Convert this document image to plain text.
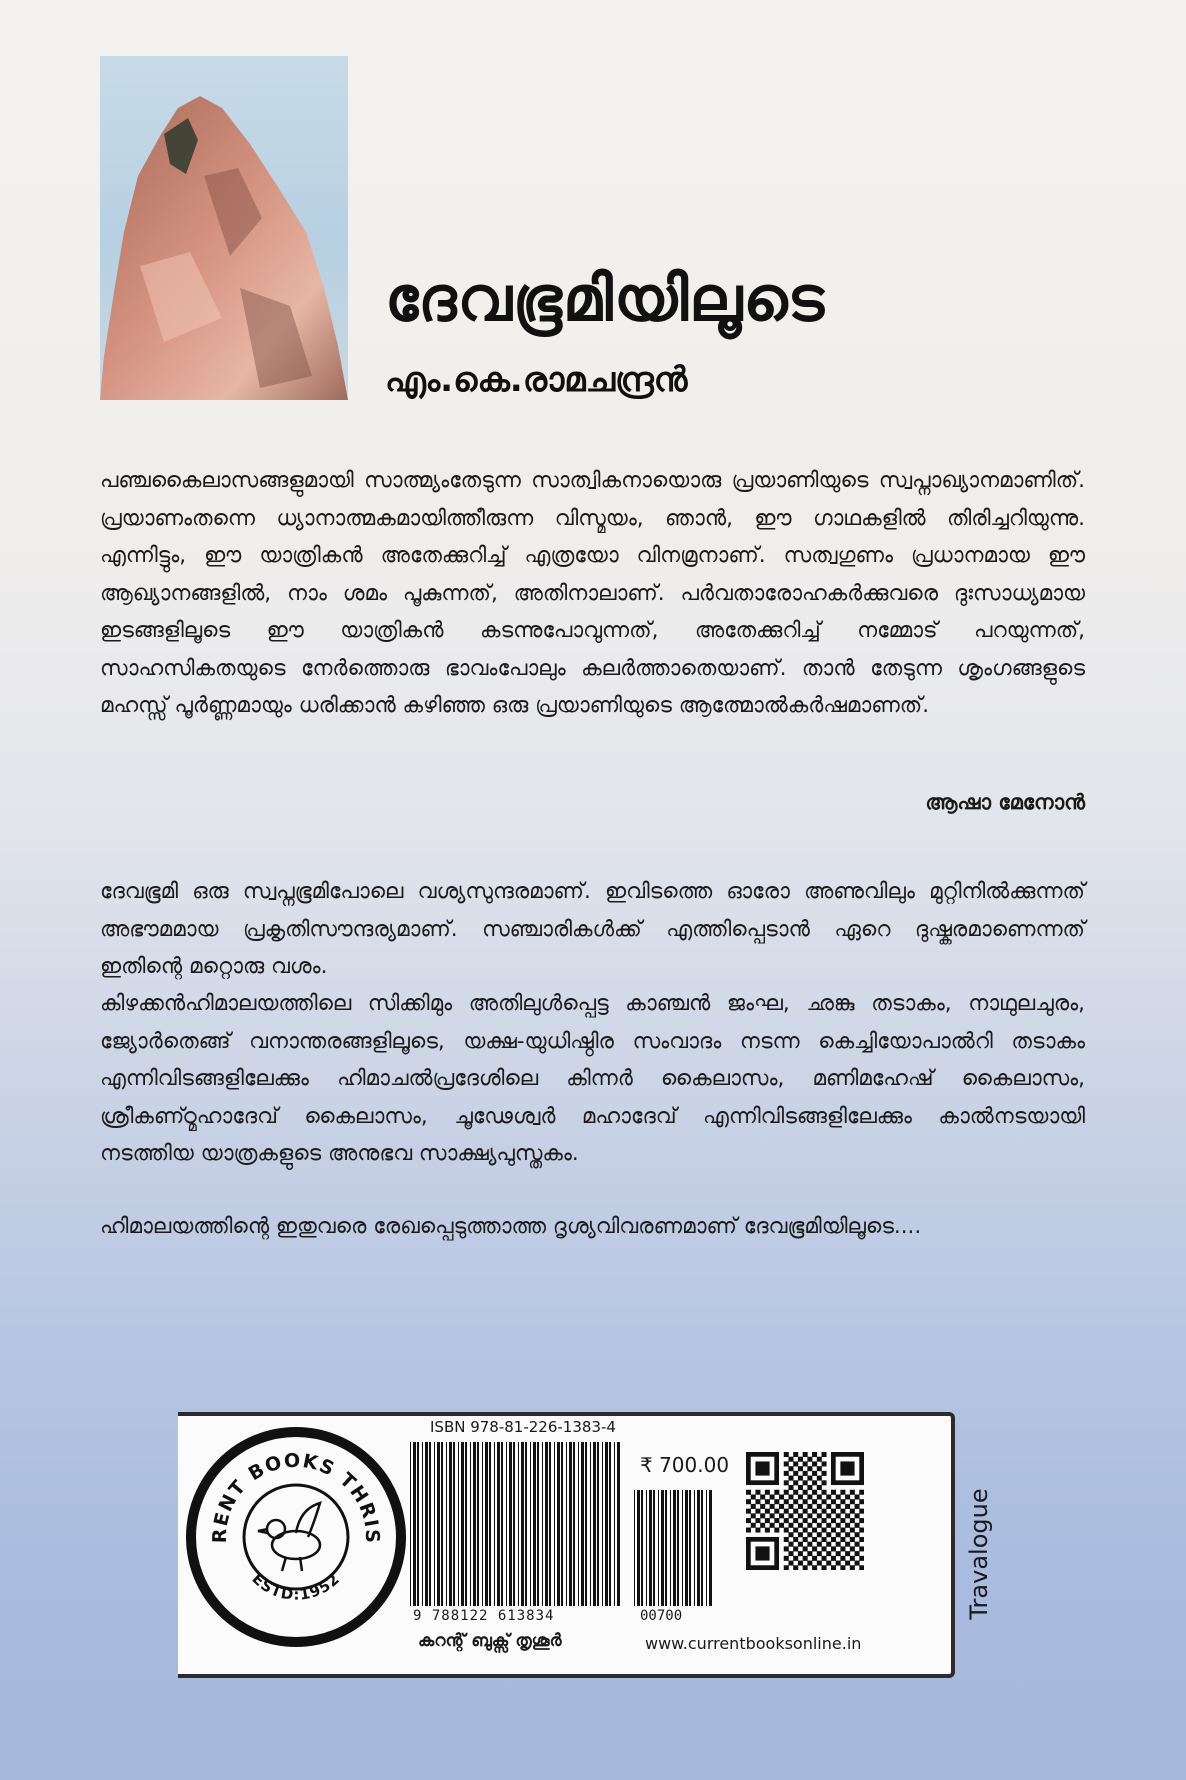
ദേവഭൂമിയിലൂടെ
എം.കെ.രാമചന്ദ്രൻ

പഞ്ചകൈലാസങ്ങളുമായി സാത്മ്യംതേടുന്ന സാത്വികനായൊരു പ്രയാണിയുടെ സ്വപ്നാഖ്യാനമാണിത്. പ്രയാണംതന്നെ ധ്യാനാത്മകമായിത്തീരുന്ന വിസ്മയം, ഞാൻ, ഈ ഗാഥകളിൽ തിരിച്ചറിയുന്നു. എന്നിട്ടും, ഈ യാത്രികൻ അതേക്കുറിച്ച് എത്രയോ വിനമ്രനാണ്. സത്വഗുണം പ്രധാനമായ ഈ ആഖ്യാനങ്ങളിൽ, നാം ശമം പൂകുന്നത്, അതിനാലാണ്. പർവതാരോഹകർക്കുവരെ ദുഃസാധ്യമായ ഇടങ്ങളിലൂടെ ഈ യാത്രികൻ കടന്നുപോവുന്നത്, അതേക്കുറിച്ച് നമ്മോട് പറയുന്നത്, സാഹസികതയുടെ നേർത്തൊരു ഭാവംപോലും കലർത്താതെയാണ്. താൻ തേടുന്ന ശൃംഗങ്ങളുടെ മഹസ്സ് പൂർണ്ണമായും ധരിക്കാൻ കഴിഞ്ഞ ഒരു പ്രയാണിയുടെ ആത്മോൽകർഷമാണത്.

ആഷാ മേനോൻ

ദേവഭൂമി ഒരു സ്വപ്നഭൂമിപോലെ വശ്യസുന്ദരമാണ്. ഇവിടത്തെ ഓരോ അണുവിലും മുറ്റിനിൽക്കുന്നത് അഭൗമമായ പ്രകൃതിസൗന്ദര്യമാണ്. സഞ്ചാരികൾക്ക് എത്തിപ്പെടാൻ ഏറെ ദുഷ്കരമാണെന്നത് ഇതിന്റെ മറ്റൊരു വശം.

കിഴക്കൻഹിമാലയത്തിലെ സിക്കിമും അതിലുൾപ്പെട്ട കാഞ്ചൻ ജംഘ, ഛങ്കു തടാകം, നാഥുലചുരം, ജ്യോർതെങ്ങ് വനാന്തരങ്ങളിലൂടെ, യക്ഷ-യുധിഷ്ഠിര സംവാദം നടന്ന കെച്ചിയോപാൽറി തടാകം എന്നിവിടങ്ങളിലേക്കും ഹിമാചൽപ്രദേശിലെ കിന്നർ കൈലാസം, മണിമഹേഷ് കൈലാസം, ശ്രീകണ്ഠ്മഹാദേവ് കൈലാസം, ചൂഢേശ്വർ മഹാദേവ് എന്നിവിടങ്ങളിലേക്കും കാൽനടയായി നടത്തിയ യാത്രകളുടെ അനുഭവ സാക്ഷ്യപുസ്തകം.

ഹിമാലയത്തിന്റെ ഇതുവരെ രേഖപ്പെടുത്താത്ത ദൃശ്യവിവരണമാണ് ദേവഭൂമിയിലൂടെ....

RENT BOOKS THRIS
ESTD:1952
ISBN 978-81-226-1383-4
₹ 700.00
9 788122 613834	00700
കറന്റ് ബുക്സ് തൃശൂർ	www.currentbooksonline.in
Travalogue
